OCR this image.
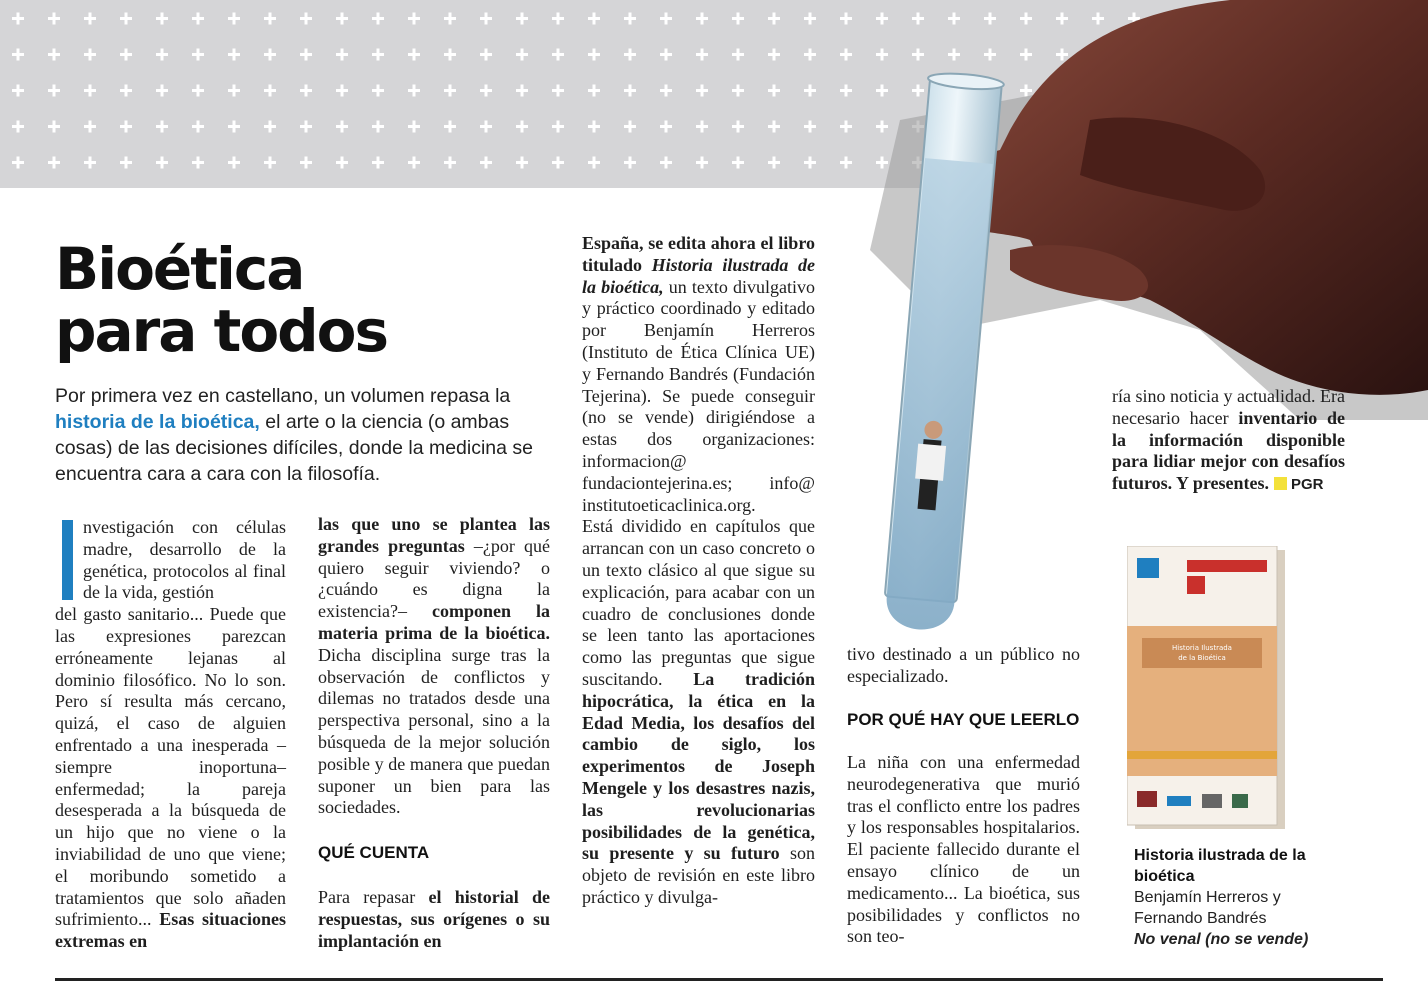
Bioética
para todos

Por primera vez en castellano, un volumen repasa la historia de la bioética, el arte o la ciencia (o ambas cosas) de las decisiones difíciles, donde la medicina se encuentra cara a cara con la filosofía.

nvestigación con células madre, desarrollo de la genética, protocolos al final de la vida, gestión
del gasto sanitario... Puede que las expresiones parezcan erróneamente lejanas al dominio filosófico. No lo son. Pero sí resulta más cercano, quizá, el caso de alguien enfrentado a una inesperada –siempre inoportuna– enfermedad; la pareja desesperada a la búsqueda de un hijo que no viene o la inviabilidad de uno que viene; el moribundo sometido a tratamientos que solo añaden sufrimiento... Esas situaciones extremas en
las que uno se plantea las grandes preguntas –¿por qué quiero seguir viviendo? o ¿cuándo es digna la existencia?– componen la materia prima de la bioética. Dicha disciplina surge tras la observación de conflictos y dilemas no tratados desde una perspectiva personal, sino a la búsqueda de la mejor solución posible y de manera que puedan suponer un bien para las sociedades.
QUÉ CUENTA
Para repasar el historial de respuestas, sus orígenes o su implantación en
España, se edita ahora el libro titulado Historia ilustrada de la bioética, un texto divulgativo y práctico coordinado y editado por Benjamín Herreros (Instituto de Ética Clínica UE) y Fernando Bandrés (Fundación Tejerina). Se puede conseguir (no se vende) dirigiéndose a estas dos organizaciones: informacion@ fundaciontejerina.es; info@ institutoeticaclinica.org.
Está dividido en capítulos que arrancan con un caso concreto o un texto clásico al que sigue su explicación, para acabar con un cuadro de conclusiones donde se leen tanto las aportaciones como las preguntas que sigue suscitando. La tradición hipocrática, la ética en la Edad Media, los desafíos del cambio de siglo, los experimentos de Joseph Mengele y los desastres nazis, las revolucionarias posibilidades de la genética, su presente y su futuro son objeto de revisión en este libro práctico y divulga-
tivo destinado a un público no especializado.
POR QUÉ HAY QUE LEERLO
La niña con una enfermedad neurodegenerativa que murió tras el conflicto entre los padres y los responsables hospitalarios. El paciente fallecido durante el ensayo clínico de un medicamento... La bioética, sus posibilidades y conflictos no son teo-
ría sino noticia y actualidad. Era necesario hacer inventario de la información disponible para lidiar mejor con desafíos futuros. Y presentes. PGR
Historia Ilustrada
de la Bioética
Historia ilustrada de la bioética
Benjamín Herreros y Fernando Bandrés
No venal (no se vende)
